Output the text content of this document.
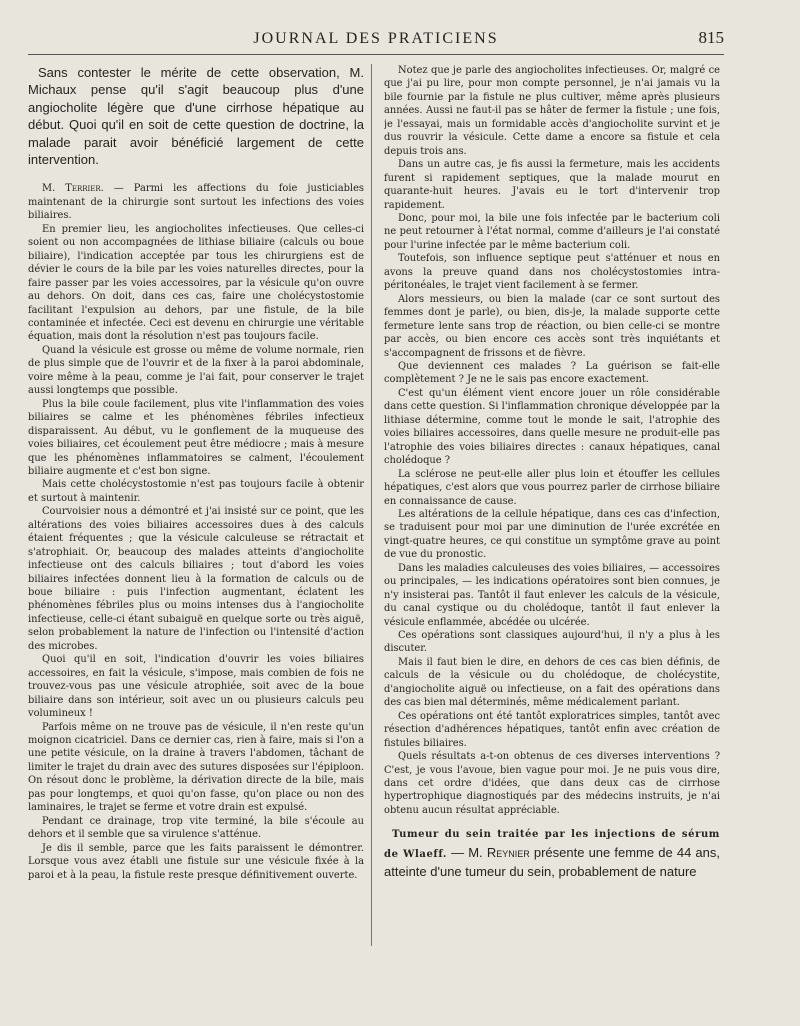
JOURNAL DES PRATICIENS	815

Sans contester le mérite de cette observation, M. Michaux pense qu'il s'agit beaucoup plus d'une angiocholite légère que d'une cirrhose hépatique au début. Quoi qu'il en soit de cette question de doctrine, la malade parait avoir bénéficié largement de cette intervention.

M. Terrier. — Parmi les affections du foie justiciables maintenant de la chirurgie sont surtout les infections des voies biliaires.

En premier lieu, les angiocholites infectieuses. Que celles-ci soient ou non accompagnées de lithiase biliaire (calculs ou boue biliaire), l'indication acceptée par tous les chirurgiens est de dévier le cours de la bile par les voies naturelles directes, pour la faire passer par les voies accessoires, par la vésicule qu'on ouvre au dehors. On doit, dans ces cas, faire une cholécystostomie facilitant l'expulsion au dehors, par une fistule, de la bile contaminée et infectée. Ceci est devenu en chirurgie une véritable équation, mais dont la résolution n'est pas toujours facile.

Quand la vésicule est grosse ou même de volume normale, rien de plus simple que de l'ouvrir et de la fixer à la paroi abdominale, voire même à la peau, comme je l'ai fait, pour conserver le trajet aussi longtemps que possible.

Plus la bile coule facilement, plus vite l'inflammation des voies biliaires se calme et les phénomènes fébriles infectieux disparaissent. Au début, vu le gonflement de la muqueuse des voies biliaires, cet écoulement peut être médiocre ; mais à mesure que les phénomènes inflammatoires se calment, l'écoulement biliaire augmente et c'est bon signe.

Mais cette cholécystostomie n'est pas toujours facile à obtenir et surtout à maintenir.

Courvoisier nous a démontré et j'ai insisté sur ce point, que les altérations des voies biliaires accessoires dues à des calculs étaient fréquentes ; que la vésicule calculeuse se rétractait et s'atrophiait. Or, beaucoup des malades atteints d'angiocholite infectieuse ont des calculs biliaires ; tout d'abord les voies biliaires infectées donnent lieu à la formation de calculs ou de boue biliaire : puis l'infection augmentant, éclatent les phénomènes fébriles plus ou moins intenses dus à l'angiocholite infectieuse, celle-ci étant subaiguë en quelque sorte ou très aiguë, selon probablement la nature de l'infection ou l'intensité d'action des microbes.

Quoi qu'il en soit, l'indication d'ouvrir les voies biliaires accessoires, en fait la vésicule, s'impose, mais combien de fois ne trouvez-vous pas une vésicule atrophiée, soit avec de la boue biliaire dans son intérieur, soit avec un ou plusieurs calculs peu volumineux !

Parfois même on ne trouve pas de vésicule, il n'en reste qu'un moignon cicatriciel. Dans ce dernier cas, rien à faire, mais si l'on a une petite vésicule, on la draine à travers l'abdomen, tâchant de limiter le trajet du drain avec des sutures disposées sur l'épiploon. On résout donc le problème, la dérivation directe de la bile, mais pas pour longtemps, et quoi qu'on fasse, qu'on place ou non des laminaires, le trajet se ferme et votre drain est expulsé.

Pendant ce drainage, trop vite terminé, la bile s'écoule au dehors et il semble que sa virulence s'atténue.

Je dis il semble, parce que les faits paraissent le démontrer. Lorsque vous avez établi une fistule sur une vésicule fixée à la paroi et à la peau, la fistule reste presque définitivement ouverte.

Notez que je parle des angiocholites infectieuses. Or, malgré ce que j'ai pu lire, pour mon compte personnel, je n'ai jamais vu la bile fournie par la fistule ne plus cultiver, même après plusieurs années. Aussi ne faut-il pas se hâter de fermer la fistule ; une fois, je l'essayai, mais un formidable accès d'angiocholite survint et je dus rouvrir la vésicule. Cette dame a encore sa fistule et cela depuis trois ans.

Dans un autre cas, je fis aussi la fermeture, mais les accidents furent si rapidement septiques, que la malade mourut en quarante-huit heures. J'avais eu le tort d'intervenir trop rapidement.

Donc, pour moi, la bile une fois infectée par le bacterium coli ne peut retourner à l'état normal, comme d'ailleurs je l'ai constaté pour l'urine infectée par le même bacterium coli.

Toutefois, son influence septique peut s'atténuer et nous en avons la preuve quand dans nos cholécystostomies intra-péritonéales, le trajet vient facilement à se fermer.

Alors messieurs, ou bien la malade (car ce sont surtout des femmes dont je parle), ou bien, dis-je, la malade supporte cette fermeture lente sans trop de réaction, ou bien celle-ci se montre par accès, ou bien encore ces accès sont très inquiétants et s'accompagnent de frissons et de fièvre.

Que deviennent ces malades ? La guérison se fait-elle complètement ? Je ne le sais pas encore exactement.

C'est qu'un élément vient encore jouer un rôle considérable dans cette question. Si l'inflammation chronique développée par la lithiase détermine, comme tout le monde le sait, l'atrophie des voies biliaires accessoires, dans quelle mesure ne produit-elle pas l'atrophie des voies biliaires directes : canaux hépatiques, canal cholédoque ?

La sclérose ne peut-elle aller plus loin et étouffer les cellules hépatiques, c'est alors que vous pourrez parler de cirrhose biliaire en connaissance de cause.

Les altérations de la cellule hépatique, dans ces cas d'infection, se traduisent pour moi par une diminution de l'urée excrétée en vingt-quatre heures, ce qui constitue un symptôme grave au point de vue du pronostic.

Dans les maladies calculeuses des voies biliaires, — accessoires ou principales, — les indications opératoires sont bien connues, je n'y insisterai pas. Tantôt il faut enlever les calculs de la vésicule, du canal cystique ou du cholédoque, tantôt il faut enlever la vésicule enflammée, abcédée ou ulcérée.

Ces opérations sont classiques aujourd'hui, il n'y a plus à les discuter.

Mais il faut bien le dire, en dehors de ces cas bien définis, de calculs de la vésicule ou du cholédoque, de cholécystite, d'angiocholite aiguë ou infectieuse, on a fait des opérations dans des cas bien mal déterminés, même médicalement parlant.

Ces opérations ont été tantôt exploratrices simples, tantôt avec résection d'adhérences hépatiques, tantôt enfin avec création de fistules biliaires.

Quels résultats a-t-on obtenus de ces diverses interventions ? C'est, je vous l'avoue, bien vague pour moi. Je ne puis vous dire, dans cet ordre d'idées, que dans deux cas de cirrhose hypertrophique diagnostiqués par des médecins instruits, je n'ai obtenu aucun résultat appréciable.

Tumeur du sein traitée par les injections de sérum de Wlaeff. — M. Reynier présente une femme de 44 ans, atteinte d'une tumeur du sein, probablement de nature
